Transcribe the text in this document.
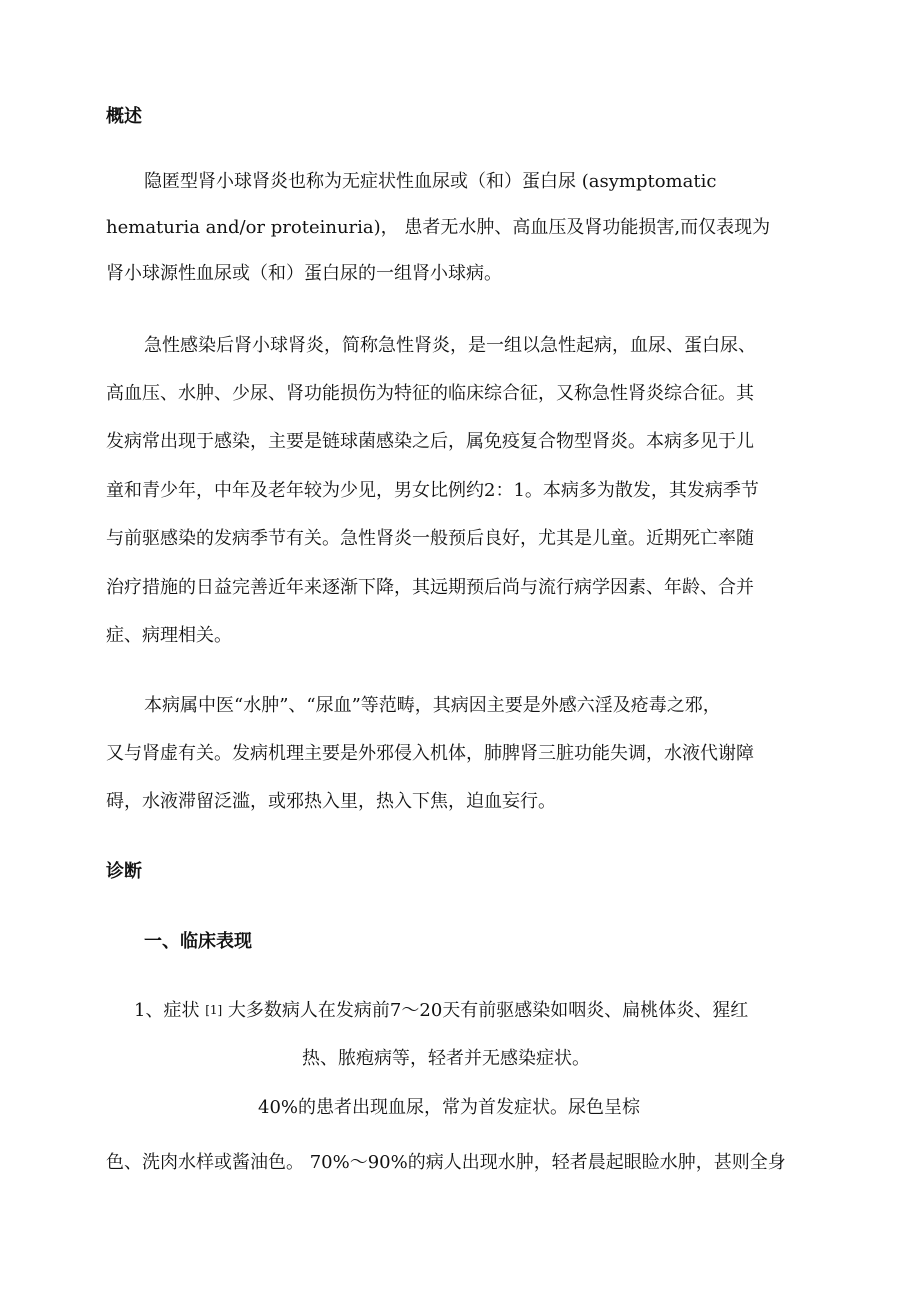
概述
隐匿型肾小球肾炎也称为无症状性血尿或（和）蛋白尿 (asymptomatic
hematuria and/or proteinuria)， 患者无水肿、高血压及肾功能损害,而仅表现为
肾小球源性血尿或（和）蛋白尿的一组肾小球病。
急性感染后肾小球肾炎，简称急性肾炎，是一组以急性起病，血尿、蛋白尿、
高血压、水肿、少尿、肾功能损伤为特征的临床综合征，又称急性肾炎综合征。其
发病常出现于感染，主要是链球菌感染之后，属免疫复合物型肾炎。本病多见于儿
童和青少年，中年及老年较为少见，男女比例约2：1。本病多为散发，其发病季节
与前驱感染的发病季节有关。急性肾炎一般预后良好，尤其是儿童。近期死亡率随
治疗措施的日益完善近年来逐渐下降，其远期预后尚与流行病学因素、年龄、合并
症、病理相关。
本病属中医“水肿”、“尿血”等范畴，其病因主要是外感六淫及疮毒之邪，
又与肾虚有关。发病机理主要是外邪侵入机体，肺脾肾三脏功能失调，水液代谢障
碍，水液滞留泛滥，或邪热入里，热入下焦，迫血妄行。
诊断
一、临床表现
1、症状 [1] 大多数病人在发病前7～20天有前驱感染如咽炎、扁桃体炎、猩红
热、脓疱病等，轻者并无感染症状。
40%的患者出现血尿，常为首发症状。尿色呈棕
色、洗肉水样或酱油色。 70%～90%的病人出现水肿，轻者晨起眼睑水肿，甚则全身
